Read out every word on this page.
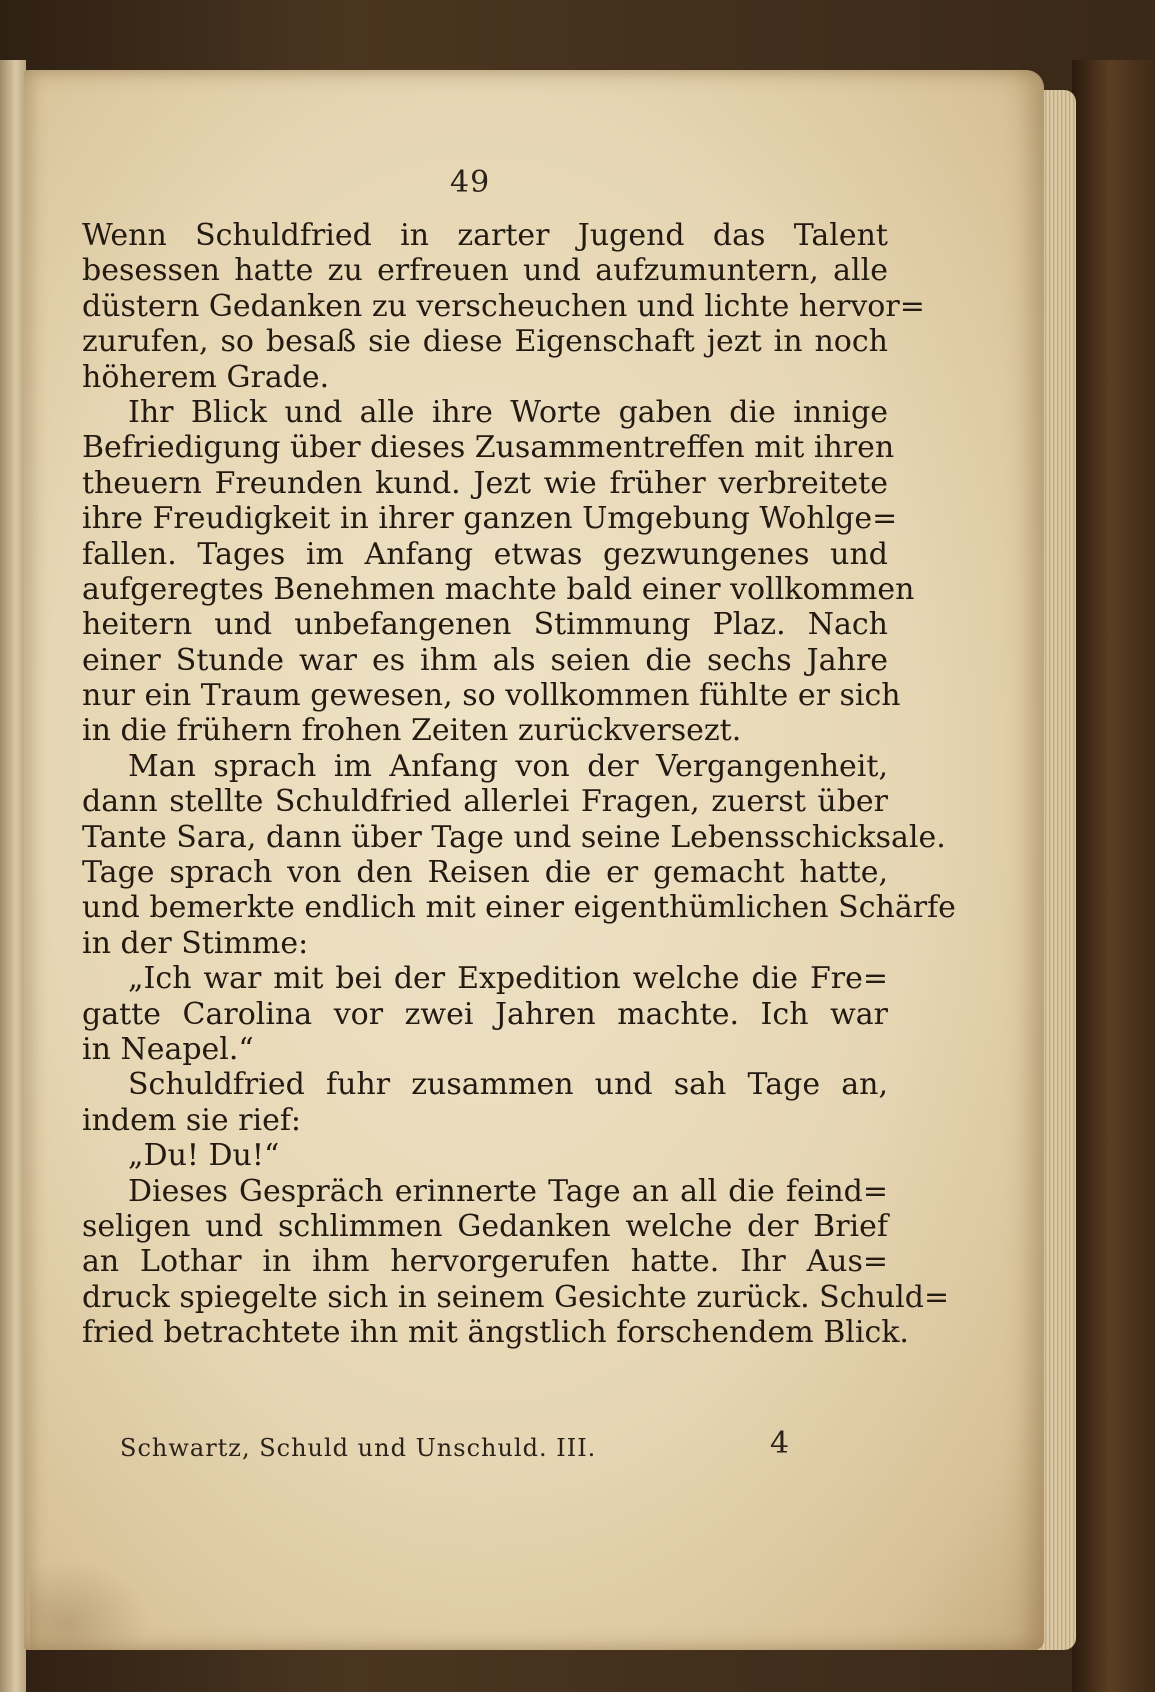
49
Wenn Schuldfried in zarter Jugend das Talent
besessen hatte zu erfreuen und aufzumuntern, alle
düstern Gedanken zu verscheuchen und lichte hervor=
zurufen, so besaß sie diese Eigenschaft jezt in noch
höherem Grade.
Ihr Blick und alle ihre Worte gaben die innige
Befriedigung über dieses Zusammentreffen mit ihren
theuern Freunden kund. Jezt wie früher verbreitete
ihre Freudigkeit in ihrer ganzen Umgebung Wohlge=
fallen. Tages im Anfang etwas gezwungenes und
aufgeregtes Benehmen machte bald einer vollkommen
heitern und unbefangenen Stimmung Plaz. Nach
einer Stunde war es ihm als seien die sechs Jahre
nur ein Traum gewesen, so vollkommen fühlte er sich
in die frühern frohen Zeiten zurückversezt.
Man sprach im Anfang von der Vergangenheit,
dann stellte Schuldfried allerlei Fragen, zuerst über
Tante Sara, dann über Tage und seine Lebensschicksale.
Tage sprach von den Reisen die er gemacht hatte,
und bemerkte endlich mit einer eigenthümlichen Schärfe
in der Stimme:
„Ich war mit bei der Expedition welche die Fre=
gatte Carolina vor zwei Jahren machte. Ich war
in Neapel.“
Schuldfried fuhr zusammen und sah Tage an,
indem sie rief:
„Du! Du!“
Dieses Gespräch erinnerte Tage an all die feind=
seligen und schlimmen Gedanken welche der Brief
an Lothar in ihm hervorgerufen hatte. Ihr Aus=
druck spiegelte sich in seinem Gesichte zurück. Schuld=
fried betrachtete ihn mit ängstlich forschendem Blick.
Schwartz, Schuld und Unschuld. III.	4
